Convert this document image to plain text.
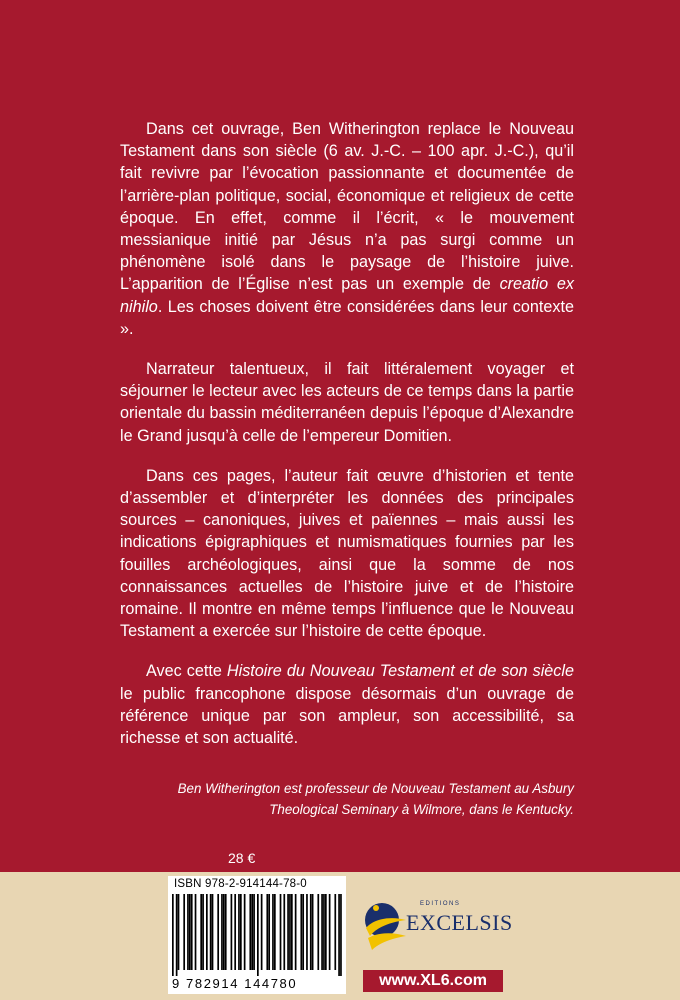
Dans cet ouvrage, Ben Witherington replace le Nouveau Testament dans son siècle (6 av. J.-C. – 100 apr. J.-C.), qu’il fait revivre par l’évocation passionnante et documentée de l’arrière-plan politique, social, économique et religieux de cette époque. En effet, comme il l’écrit, « le mouvement messianique initié par Jésus n’a pas surgi comme un phénomène isolé dans le paysage de l’histoire juive. L’apparition de l’Église n’est pas un exemple de creatio ex nihilo. Les choses doivent être considérées dans leur contexte ».

Narrateur talentueux, il fait littéralement voyager et séjourner le lecteur avec les acteurs de ce temps dans la partie orientale du bassin méditerranéen depuis l’époque d’Alexandre le Grand jusqu’à celle de l’empereur Domitien.

Dans ces pages, l’auteur fait œuvre d’historien et tente d’assembler et d’interpréter les données des principales sources – canoniques, juives et païennes – mais aussi les indications épigraphiques et numismatiques fournies par les fouilles archéologiques, ainsi que la somme de nos connaissances actuelles de l’histoire juive et de l’histoire romaine. Il montre en même temps l’influence que le Nouveau Testament a exercée sur l’histoire de cette époque.

Avec cette Histoire du Nouveau Testament et de son siècle le public francophone dispose désormais d’un ouvrage de référence unique par son ampleur, son accessibilité, sa richesse et son actualité.

Ben Witherington est professeur de Nouveau Testament au Asbury Theological Seminary à Wilmore, dans le Kentucky.
28 €
ISBN 978-2-914144-78-0
9 782914 144780
EDITIONS
EXCELSIS
www.XL6.com
